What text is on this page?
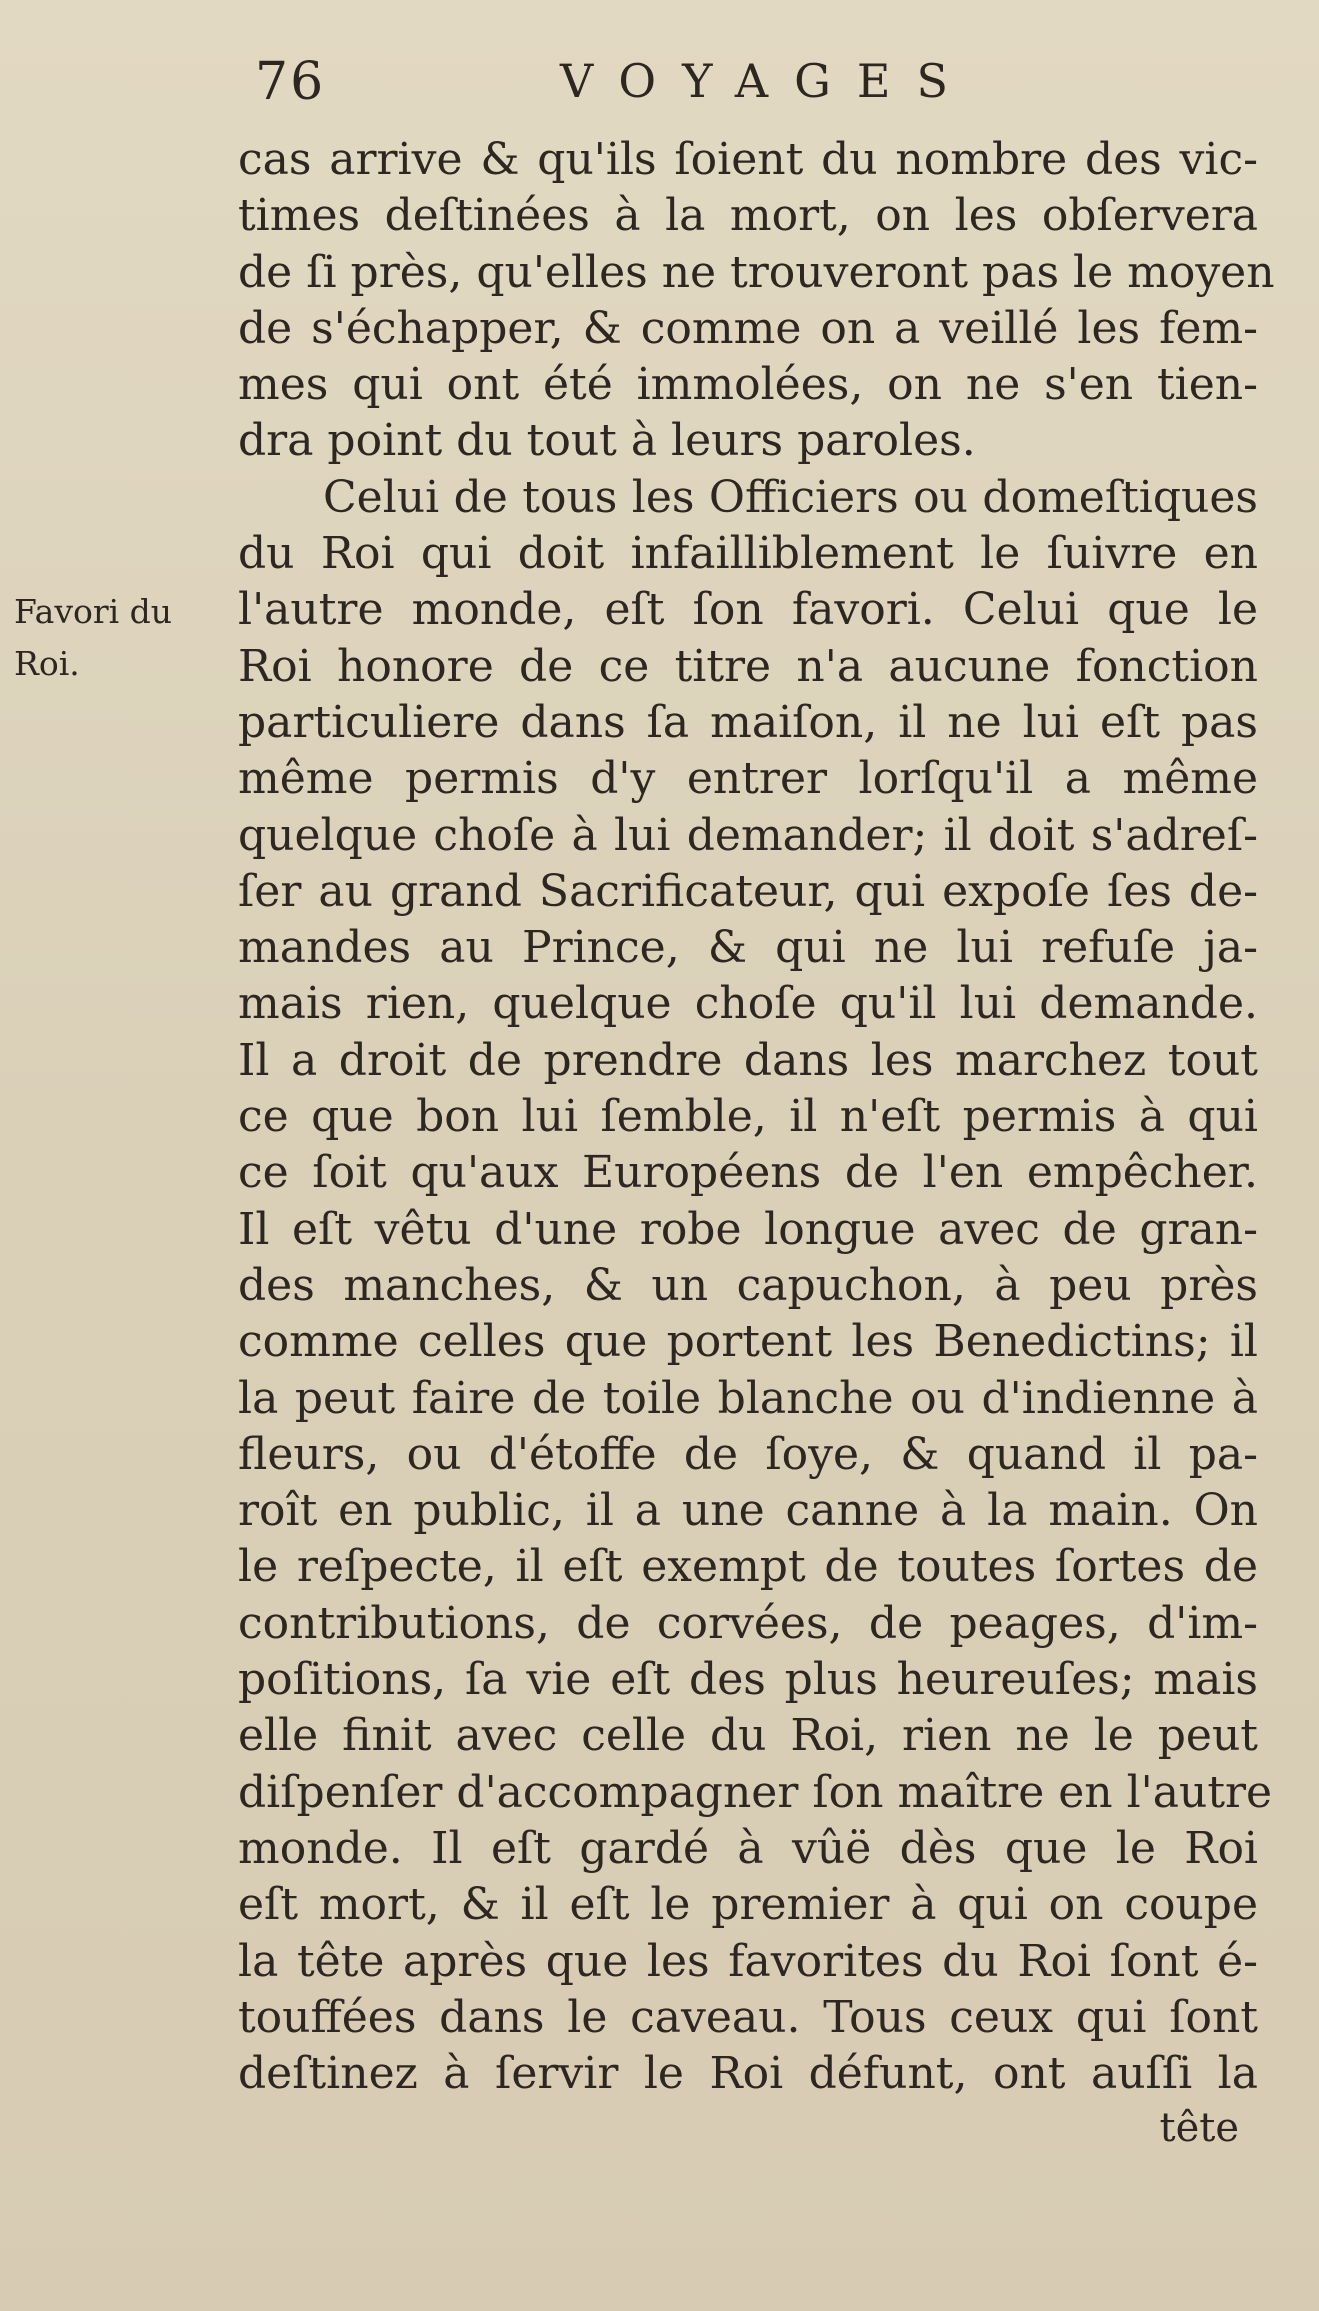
76	VOYAGES
Favori du
Roi.
cas arrive & qu'ils ſoient du nombre des vic-
times deſtinées à la mort, on les obſervera
de ſi près, qu'elles ne trouveront pas le moyen
de s'échapper, & comme on a veillé les fem-
mes qui ont été immolées, on ne s'en tien-
dra point du tout à leurs paroles.
Celui de tous les Officiers ou domeſtiques
du Roi qui doit infailliblement le ſuivre en
l'autre monde, eſt ſon favori. Celui que le
Roi honore de ce titre n'a aucune fonction
particuliere dans ſa maiſon, il ne lui eſt pas
même permis d'y entrer lorſqu'il a même
quelque choſe à lui demander; il doit s'adreſ-
ſer au grand Sacrificateur, qui expoſe ſes de-
mandes au Prince, & qui ne lui refuſe ja-
mais rien, quelque choſe qu'il lui demande.
Il a droit de prendre dans les marchez tout
ce que bon lui ſemble, il n'eſt permis à qui
ce ſoit qu'aux Européens de l'en empêcher.
Il eſt vêtu d'une robe longue avec de gran-
des manches, & un capuchon, à peu près
comme celles que portent les Benedictins; il
la peut faire de toile blanche ou d'indienne à
fleurs, ou d'étoffe de ſoye, & quand il pa-
roît en public, il a une canne à la main. On
le reſpecte, il eſt exempt de toutes ſortes de
contributions, de corvées, de peages, d'im-
poſitions, ſa vie eſt des plus heureuſes; mais
elle finit avec celle du Roi, rien ne le peut
diſpenſer d'accompagner ſon maître en l'autre
monde. Il eſt gardé à vûë dès que le Roi
eſt mort, & il eſt le premier à qui on coupe
la tête après que les favorites du Roi ſont é-
touffées dans le caveau. Tous ceux qui ſont
deſtinez à ſervir le Roi défunt, ont auſſi la
tête
